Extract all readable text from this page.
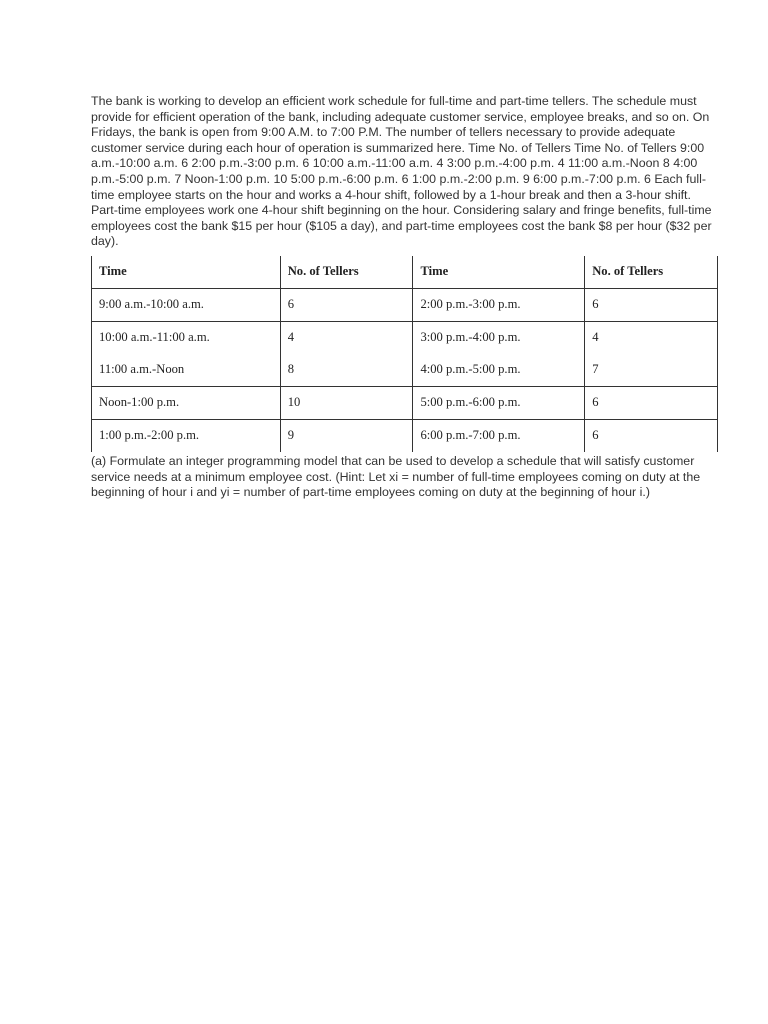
The bank is working to develop an efficient work schedule for full-time and part-time tellers. The schedule must provide for efficient operation of the bank, including adequate customer service, employee breaks, and so on. On Fridays, the bank is open from 9:00 A.M. to 7:00 P.M. The number of tellers necessary to provide adequate customer service during each hour of operation is summarized here. Time No. of Tellers Time No. of Tellers 9:00 a.m.-10:00 a.m. 6 2:00 p.m.-3:00 p.m. 6 10:00 a.m.-11:00 a.m. 4 3:00 p.m.-4:00 p.m. 4 11:00 a.m.-Noon 8 4:00 p.m.-5:00 p.m. 7 Noon-1:00 p.m. 10 5:00 p.m.-6:00 p.m. 6 1:00 p.m.-2:00 p.m. 9 6:00 p.m.-7:00 p.m. 6 Each full-time employee starts on the hour and works a 4-hour shift, followed by a 1-hour break and then a 3-hour shift. Part-time employees work one 4-hour shift beginning on the hour. Considering salary and fringe benefits, full-time employees cost the bank $15 per hour ($105 a day), and part-time employees cost the bank $8 per hour ($32 per day).

Time	No. of Tellers	Time	No. of Tellers
9:00 a.m.-10:00 a.m.	6	2:00 p.m.-3:00 p.m.	6
10:00 a.m.-11:00 a.m.	4	3:00 p.m.-4:00 p.m.	4
11:00 a.m.-Noon	8	4:00 p.m.-5:00 p.m.	7
Noon-1:00 p.m.	10	5:00 p.m.-6:00 p.m.	6
1:00 p.m.-2:00 p.m.	9	6:00 p.m.-7:00 p.m.	6

(a) Formulate an integer programming model that can be used to develop a schedule that will satisfy customer service needs at a minimum employee cost. (Hint: Let xi = number of full-time employees coming on duty at the beginning of hour i and yi = number of part-time employees coming on duty at the beginning of hour i.)
